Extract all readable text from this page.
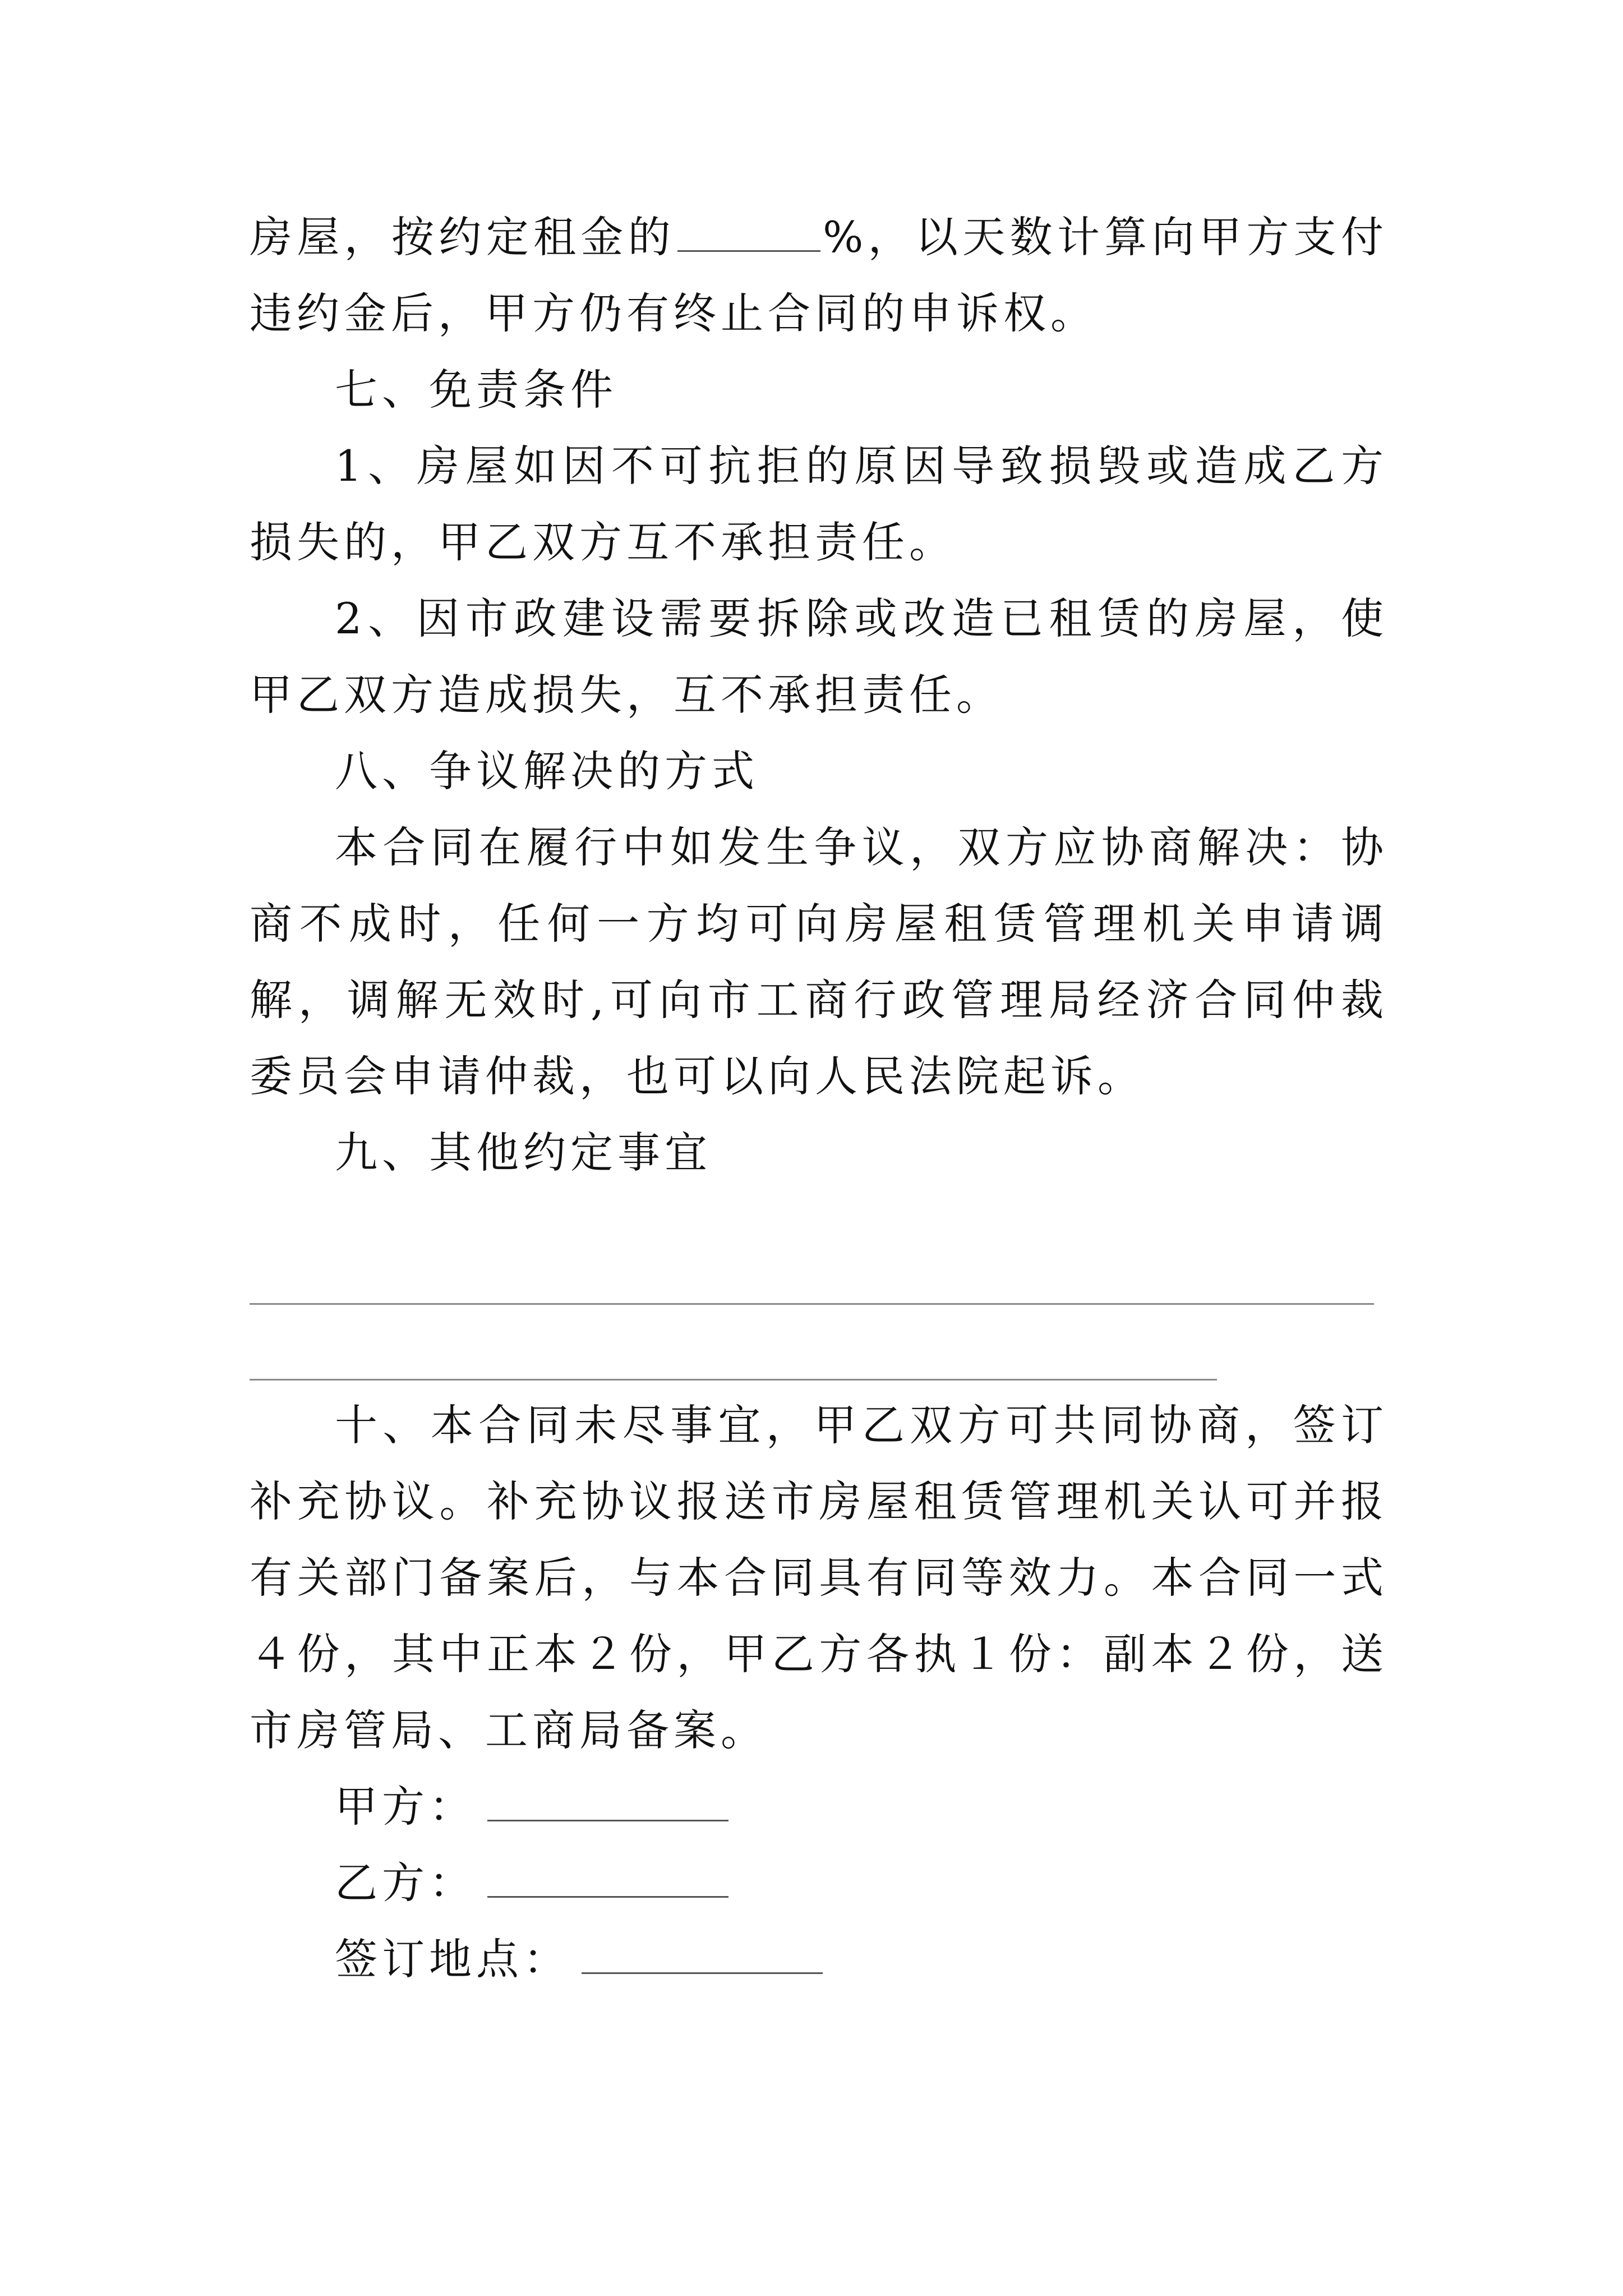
房屋，按约定租金的	%，以天数计算向甲方支付违约金后，甲方仍有终止合同的申诉权。

七、免责条件

1、房屋如因不可抗拒的原因导致损毁或造成乙方损失的，甲乙双方互不承担责任。

2、因市政建设需要拆除或改造已租赁的房屋，使甲乙双方造成损失，互不承担责任。

八、争议解决的方式

本合同在履行中如发生争议，双方应协商解决：协商不成时，任何一方均可向房屋租赁管理机关申请调解，调解无效时,可向市工商行政管理局经济合同仲裁委员会申请仲裁，也可以向人民法院起诉。

九、其他约定事宜

十、本合同未尽事宜，甲乙双方可共同协商，签订补充协议。补充协议报送市房屋租赁管理机关认可并报有关部门备案后，与本合同具有同等效力。本合同一式４份，其中正本２份，甲乙方各执１份：副本２份，送市房管局、工商局备案。

甲方：
乙方：
签订地点：
